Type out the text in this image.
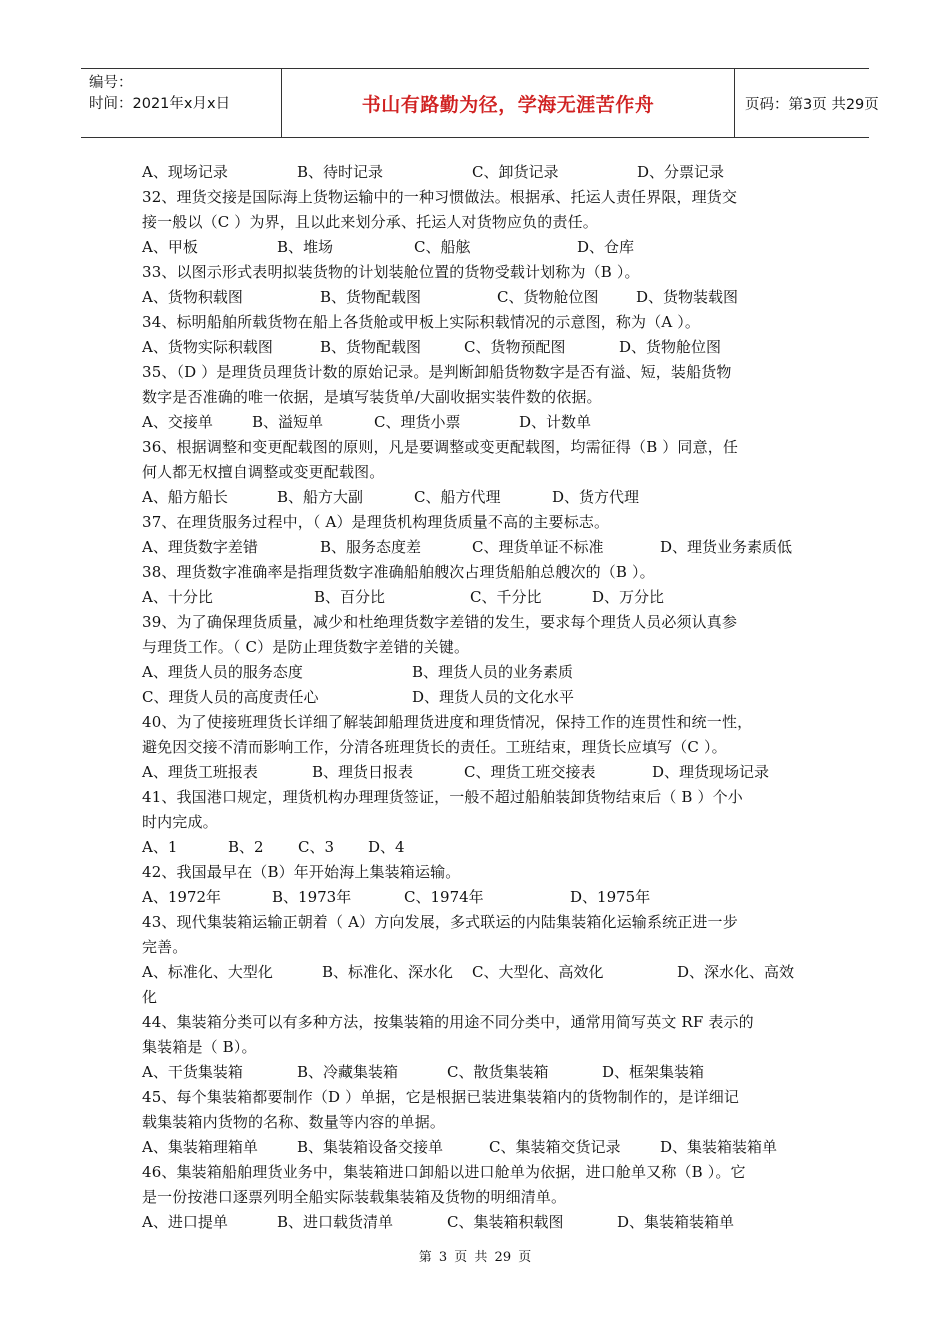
编号：
时间：2021年x月x日	书山有路勤为径，学海无涯苦作舟	页码：第3页 共29页
A、现场记录	B、待时记录	C、卸货记录	D、分票记录
32、理货交接是国际海上货物运输中的一种习惯做法。根据承、托运人责任界限，理货交
接一般以（C ）为界，且以此来划分承、托运人对货物应负的责任。
A、甲板	B、堆场	C、船舷	D、仓库
33、以图示形式表明拟装货物的计划装舱位置的货物受载计划称为（B ）。
A、货物积载图	B、货物配载图	C、货物舱位图	D、货物装载图
34、标明船舶所载货物在船上各货舱或甲板上实际积载情况的示意图，称为（A ）。
A、货物实际积载图	B、货物配载图	C、货物预配图	D、货物舱位图
35、（D ）是理货员理货计数的原始记录。是判断卸船货物数字是否有溢、短，装船货物
数字是否准确的唯一依据，是填写装货单/大副收据实装件数的依据。
A、交接单	B、溢短单	C、理货小票	D、计数单
36、根据调整和变更配载图的原则，凡是要调整或变更配载图，均需征得（B ）同意，任
何人都无权擅自调整或变更配载图。
A、船方船长	B、船方大副	C、船方代理	D、货方代理
37、在理货服务过程中，（ A）是理货机构理货质量不高的主要标志。
A、理货数字差错	B、服务态度差	C、理货单证不标准	D、理货业务素质低
38、理货数字准确率是指理货数字准确船舶艘次占理货船舶总艘次的（B ）。
A、十分比	B、百分比	C、千分比	D、万分比
39、为了确保理货质量，减少和杜绝理货数字差错的发生，要求每个理货人员必须认真参
与理货工作。（ C）是防止理货数字差错的关键。
A、理货人员的服务态度	B、理货人员的业务素质
C、理货人员的高度责任心	D、理货人员的文化水平
40、为了使接班理货长详细了解装卸船理货进度和理货情况，保持工作的连贯性和统一性，
避免因交接不清而影响工作，分清各班理货长的责任。工班结束，理货长应填写（C ）。
A、理货工班报表	B、理货日报表	C、理货工班交接表	D、理货现场记录
41、我国港口规定，理货机构办理理货签证，一般不超过船舶装卸货物结束后（ B ）个小
时内完成。
A、1	B、2 C、3 D、4
42、我国最早在（B）年开始海上集装箱运输。
A、1972年	B、1973年	C、1974年	D、1975年
43、现代集装箱运输正朝着（ A）方向发展，多式联运的内陆集装箱化运输系统正进一步
完善。
A、标准化、大型化	B、标准化、深水化 C、大型化、高效化	D、深水化、高效
化
44、集装箱分类可以有多种方法，按集装箱的用途不同分类中，通常用简写英文 RF 表示的
集装箱是（ B）。
A、干货集装箱	B、冷藏集装箱	C、散货集装箱	D、框架集装箱
45、每个集装箱都要制作（D ）单据，它是根据已装进集装箱内的货物制作的，是详细记
载集装箱内货物的名称、数量等内容的单据。
A、集装箱理箱单	B、集装箱设备交接单	C、集装箱交货记录	D、集装箱装箱单
46、集装箱船舶理货业务中，集装箱进口卸船以进口舱单为依据，进口舱单又称（B ）。它
是一份按港口逐票列明全船实际装载集装箱及货物的明细清单。
A、进口提单	B、进口载货清单	C、集装箱积载图	D、集装箱装箱单
第 3 页 共 29 页
